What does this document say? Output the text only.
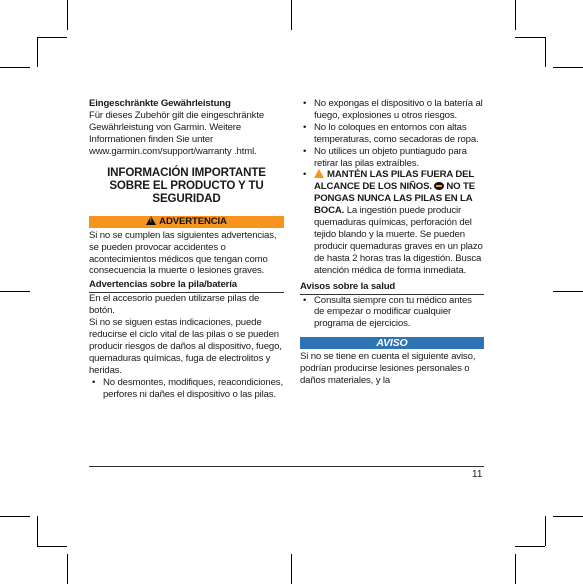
Eingeschränkte Gewährleistung

Für dieses Zubehör gilt die eingeschränkte Gewährleistung von Garmin. Weitere Informationen finden Sie unter www.garmin.com/support/warranty .html.

INFORMACIÓN IMPORTANTE SOBRE EL PRODUCTO Y TU SEGURIDAD
!ADVERTENCIA

Si no se cumplen las siguientes advertencias, se pueden provocar accidentes o acontecimientos médicos que tengan como consecuencia la muerte o lesiones graves.

Advertencias sobre la pila/batería

En el accesorio pueden utilizarse pilas de botón.

Si no se siguen estas indicaciones, puede reducirse el ciclo vital de las pilas o se pueden producir riesgos de daños al dispositivo, fuego, quemaduras químicas, fuga de electrolitos y heridas.

• No desmontes, modifiques, reacondiciones, perfores ni dañes el dispositivo o las pilas.
• No expongas el dispositivo o la batería al fuego, explosiones u otros riesgos.
• No lo coloques en entornos con altas temperaturas, como secadoras de ropa.
• No utilices un objeto puntiagudo para retirar las pilas extraíbles.
!• MANTÉN LAS PILAS FUERA DEL ALCANCE DE LOS NIÑOS. NO TE PONGAS NUNCA LAS PILAS EN LA BOCA. La ingestión puede producir quemaduras químicas, perforación del tejido blando y la muerte. Se pueden producir quemaduras graves en un plazo de hasta 2 horas tras la digestión. Busca atención médica de forma inmediata.

Avisos sobre la salud

• Consulta siempre con tu médico antes de empezar o modificar cualquier programa de ejercicios.
AVISO

Si no se tiene en cuenta el siguiente aviso, podrían producirse lesiones personales o daños materiales, y la

11
